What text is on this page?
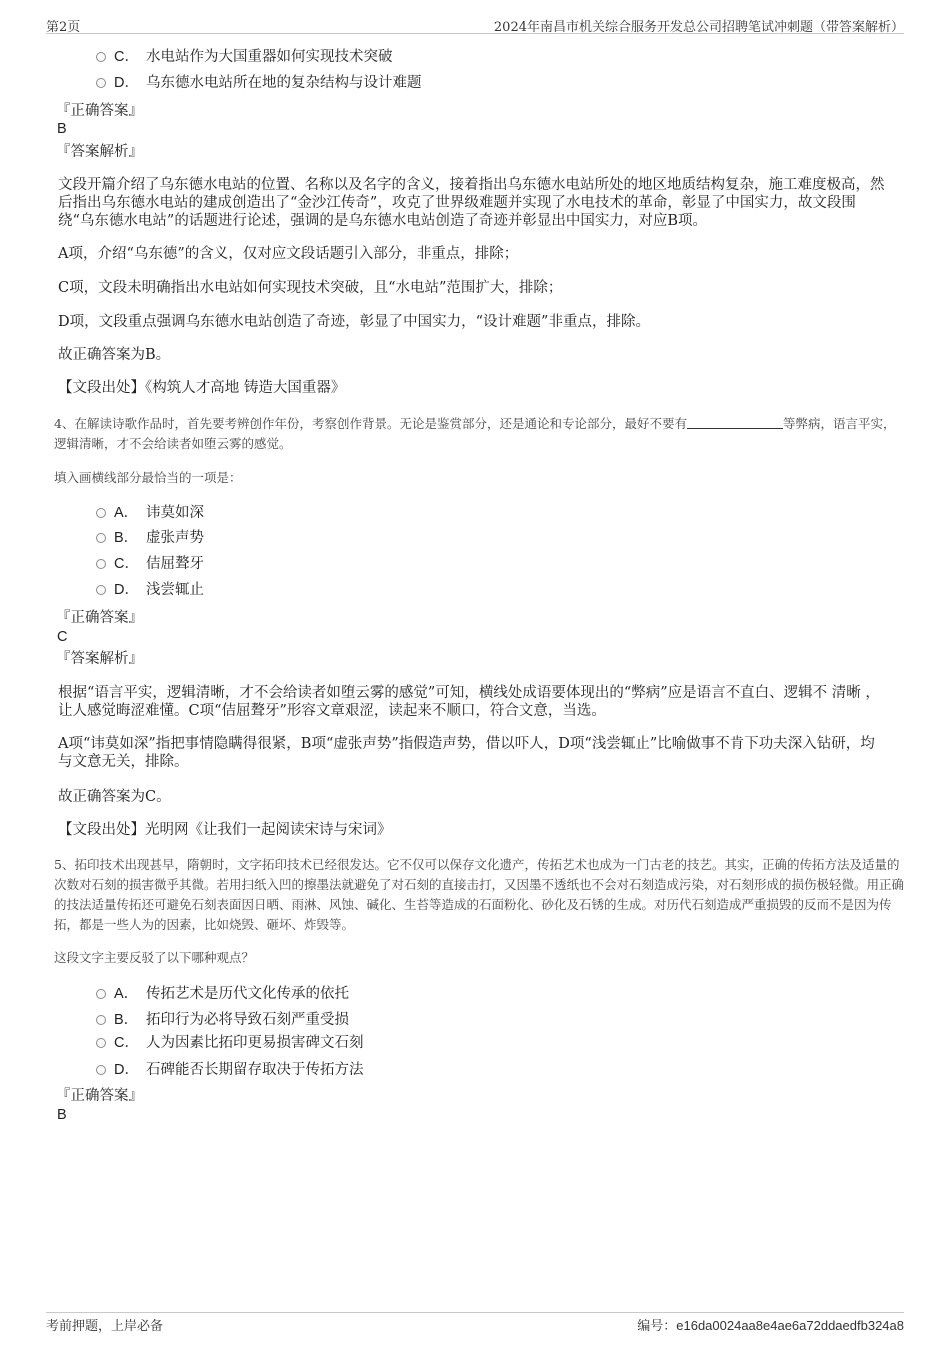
第2页	2024年南昌市机关综合服务开发总公司招聘笔试冲刺题（带答案解析）
C． 水电站作为大国重器如何实现技术突破
D． 乌东德水电站所在地的复杂结构与设计难题
『正确答案』
B
『答案解析』
文段开篇介绍了乌东德水电站的位置、名称以及名字的含义，接着指出乌东德水电站所处的地区地质结构复杂，施工难度极高，然后指出乌东德水电站的建成创造出了“金沙江传奇”，攻克了世界级难题并实现了水电技术的革命，彰显了中国实力，故文段围绕“乌东德水电站”的话题进行论述，强调的是乌东德水电站创造了奇迹并彰显出中国实力，对应B项。
A项，介绍“乌东德”的含义，仅对应文段话题引入部分，非重点，排除；
C项，文段未明确指出水电站如何实现技术突破，且“水电站”范围扩大，排除；
D项，文段重点强调乌东德水电站创造了奇迹，彰显了中国实力，“设计难题”非重点，排除。
故正确答案为B。
【文段出处】《构筑人才高地 铸造大国重器》
4、在解读诗歌作品时，首先要考辨创作年份，考察创作背景。无论是鉴赏部分，还是通论和专论部分，最好不要有	等弊病，语言平实，逻辑清晰，才不会给读者如堕云雾的感觉。
填入画横线部分最恰当的一项是：
A． 讳莫如深
B． 虚张声势
C． 佶屈聱牙
D． 浅尝辄止
『正确答案』
C
『答案解析』
根据“语言平实，逻辑清晰，才不会给读者如堕云雾的感觉”可知，横线处成语要体现出的“弊病”应是语言不直白、逻辑不 清晰 ，让人感觉晦涩难懂。C项“佶屈聱牙”形容文章艰涩，读起来不顺口，符合文意，当选。
A项“讳莫如深”指把事情隐瞒得很紧，B项“虚张声势”指假造声势，借以吓人，D项“浅尝辄止”比喻做事不肯下功夫深入钻研，均与文意无关，排除。
故正确答案为C。
【文段出处】光明网《让我们一起阅读宋诗与宋词》
5、拓印技术出现甚早，隋朝时，文字拓印技术已经很发达。它不仅可以保存文化遗产，传拓艺术也成为一门古老的技艺。其实，正确的传拓方法及适量的次数对石刻的损害微乎其微。若用扫纸入凹的擦墨法就避免了对石刻的直接击打，又因墨不透纸也不会对石刻造成污染，对石刻形成的损伤极轻微。用正确的技法适量传拓还可避免石刻表面因日晒、雨淋、风蚀、碱化、生苔等造成的石面粉化、砂化及石锈的生成。对历代石刻造成严重损毁的反而不是因为传拓，都是一些人为的因素，比如烧毁、砸坏、炸毁等。
这段文字主要反驳了以下哪种观点？
A． 传拓艺术是历代文化传承的依托
B． 拓印行为必将导致石刻严重受损
C． 人为因素比拓印更易损害碑文石刻
D． 石碑能否长期留存取决于传拓方法
『正确答案』
B
考前押题，上岸必备	编号：e16da0024aa8e4ae6a72ddaedfb324a8
